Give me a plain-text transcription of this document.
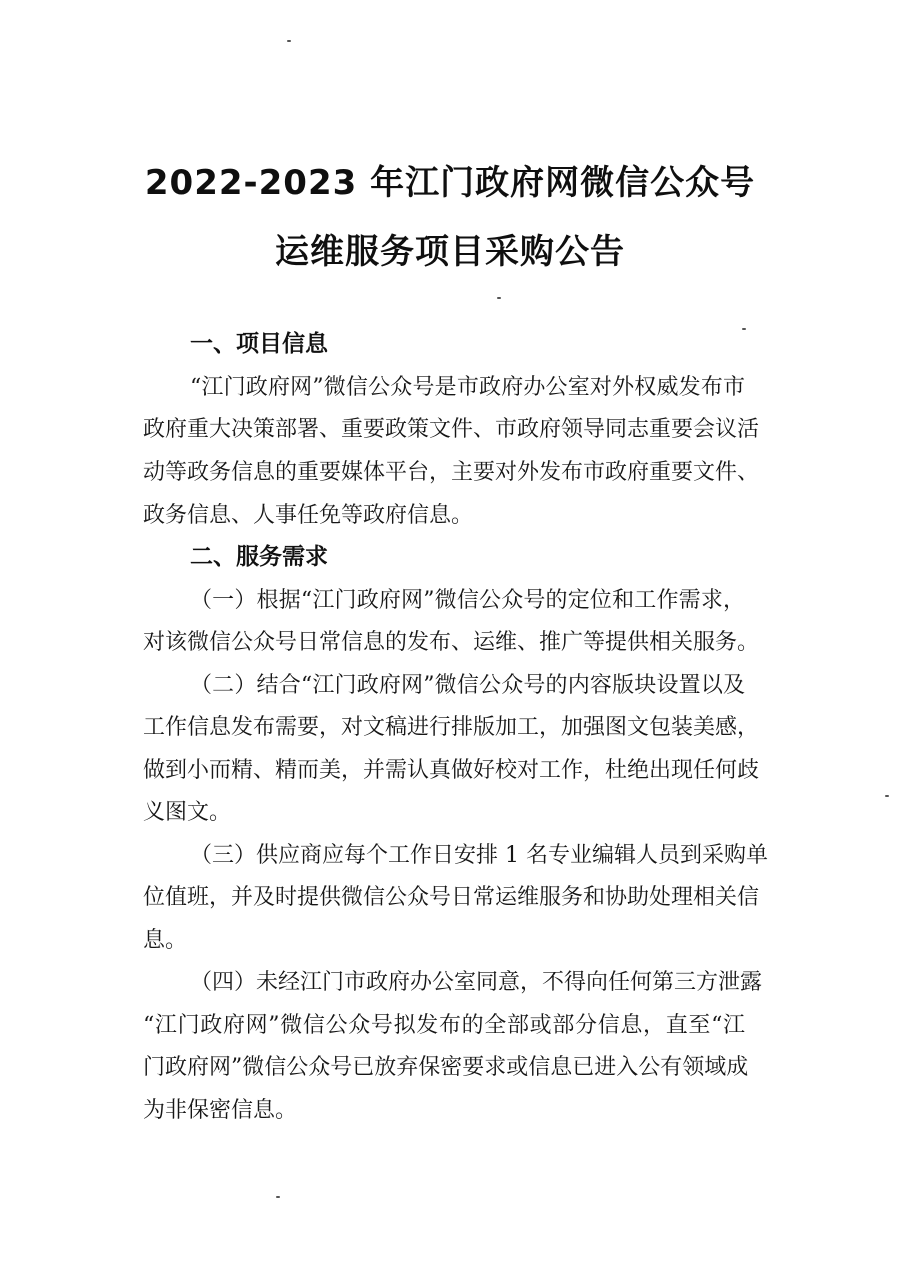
2022-2023 年江门政府网微信公众号
运维服务项目采购公告
一、项目信息
“江门政府网”微信公众号是市政府办公室对外权威发布市
政府重大决策部署、重要政策文件、市政府领导同志重要会议活
动等政务信息的重要媒体平台，主要对外发布市政府重要文件、
政务信息、人事任免等政府信息。
二、服务需求
（一）根据“江门政府网”微信公众号的定位和工作需求，
对该微信公众号日常信息的发布、运维、推广等提供相关服务。
（二）结合“江门政府网”微信公众号的内容版块设置以及
工作信息发布需要，对文稿进行排版加工，加强图文包装美感，
做到小而精、精而美，并需认真做好校对工作，杜绝出现任何歧
义图文。
（三）供应商应每个工作日安排 1 名专业编辑人员到采购单
位值班，并及时提供微信公众号日常运维服务和协助处理相关信
息。
（四）未经江门市政府办公室同意，不得向任何第三方泄露
“江门政府网”微信公众号拟发布的全部或部分信息，直至“江
门政府网”微信公众号已放弃保密要求或信息已进入公有领域成
为非保密信息。
